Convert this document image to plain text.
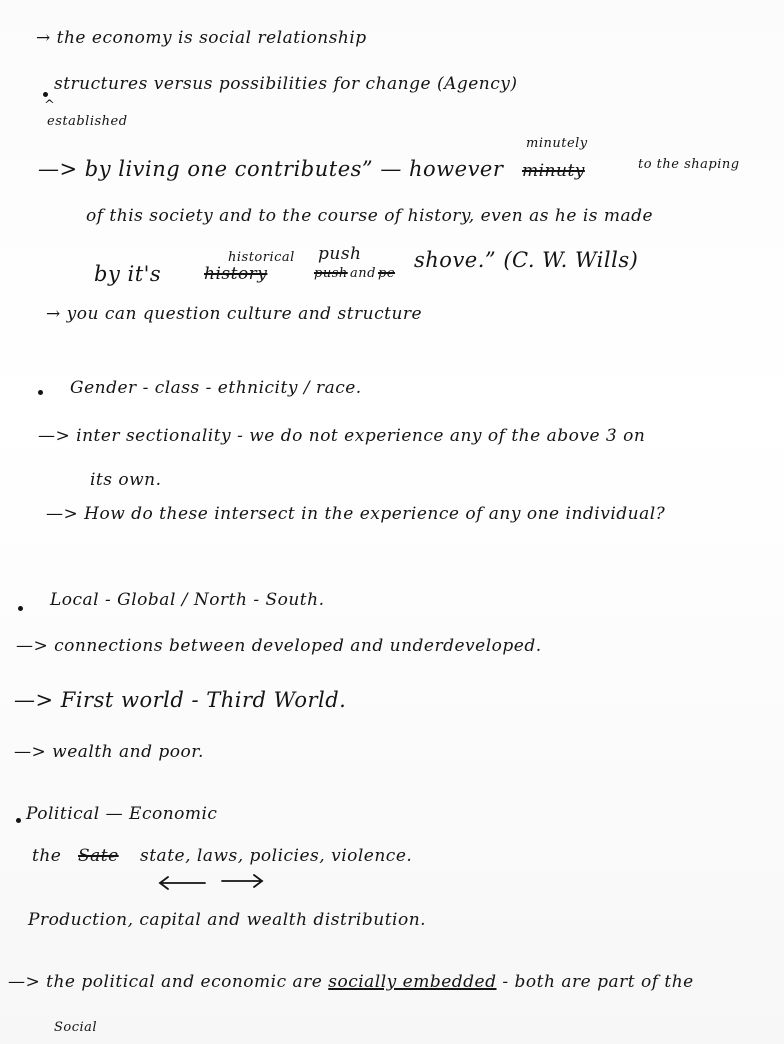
→ the economy is social relationship
structures versus possibilities for change (Agency)
^
established
—> by living one contributes” — however
minutely
minuty	to the shaping
of this society and to the course of history, even as he is made
by it's	history
historical push
push and pe
shove.” (C. W. Wills)
→ you can question culture and structure
Gender - class - ethnicity / race.
—> inter sectionality - we do not experience any of the above 3 on
its own.
—> How do these intersect in the experience of any one individual?
Local - Global / North - South.
—> connections between developed and underdeveloped.
—> First world - Third World.
—> wealth and poor.
Political — Economic
the Sate state, laws, policies, violence.
Production, capital and wealth distribution.
—> the political and economic are socially embedded - both are part of the
Social
